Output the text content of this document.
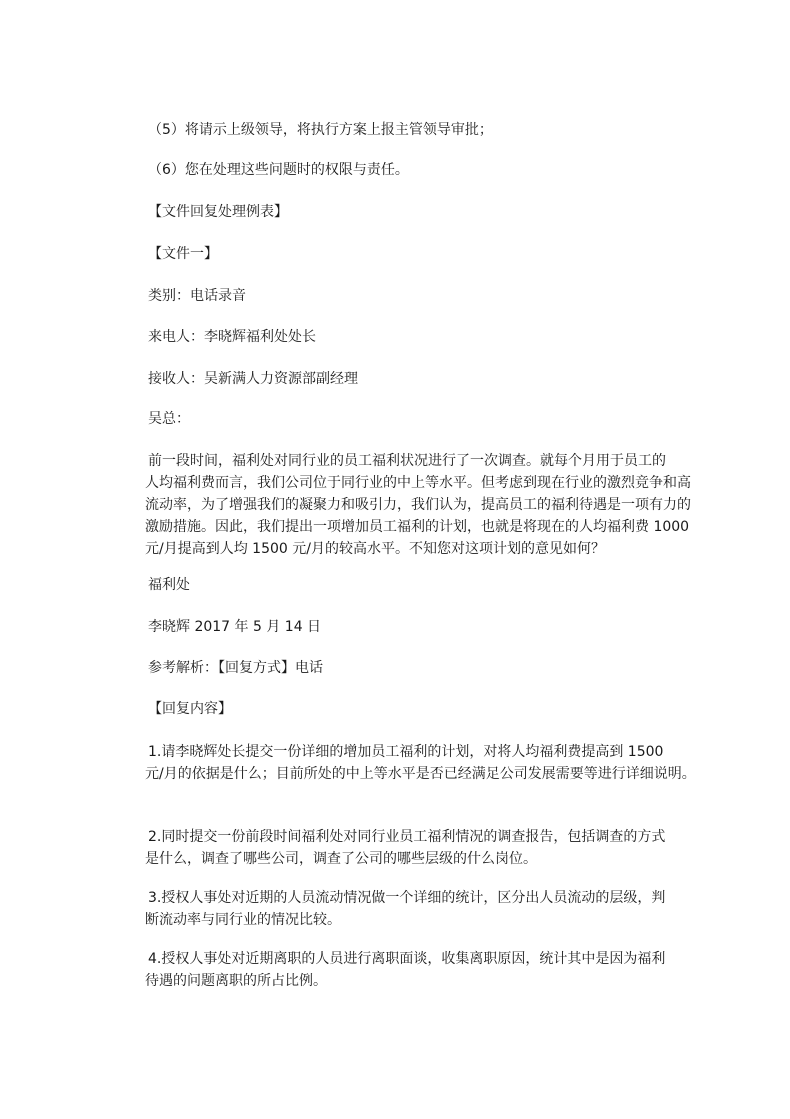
（5）将请示上级领导，将执行方案上报主管领导审批；
（6）您在处理这些问题时的权限与责任。
【文件回复处理例表】
【文件一】
类别：电话录音
来电人：李晓辉福利处处长
接收人：吴新满人力资源部副经理
吴总：
前一段时间，福利处对同行业的员工福利状况进行了一次调查。就每个月用于员工的
人均福利费而言，我们公司位于同行业的中上等水平。但考虑到现在行业的激烈竞争和高
流动率，为了增强我们的凝聚力和吸引力，我们认为，提高员工的福利待遇是一项有力的
激励措施。因此，我们提出一项增加员工福利的计划，也就是将现在的人均福利费 1000
元/月提高到人均 1500 元/月的较高水平。不知您对这项计划的意见如何？
福利处
李晓辉 2017 年 5 月 14 日
参考解析：【回复方式】电话
【回复内容】
1.请李晓辉处长提交一份详细的增加员工福利的计划，对将人均福利费提高到 1500
元/月的依据是什么；目前所处的中上等水平是否已经满足公司发展需要等进行详细说明。
2.同时提交一份前段时间福利处对同行业员工福利情况的调查报告，包括调查的方式
是什么，调查了哪些公司，调查了公司的哪些层级的什么岗位。
3.授权人事处对近期的人员流动情况做一个详细的统计，区分出人员流动的层级，判
断流动率与同行业的情况比较。
4.授权人事处对近期离职的人员进行离职面谈，收集离职原因，统计其中是因为福利
待遇的问题离职的所占比例。
